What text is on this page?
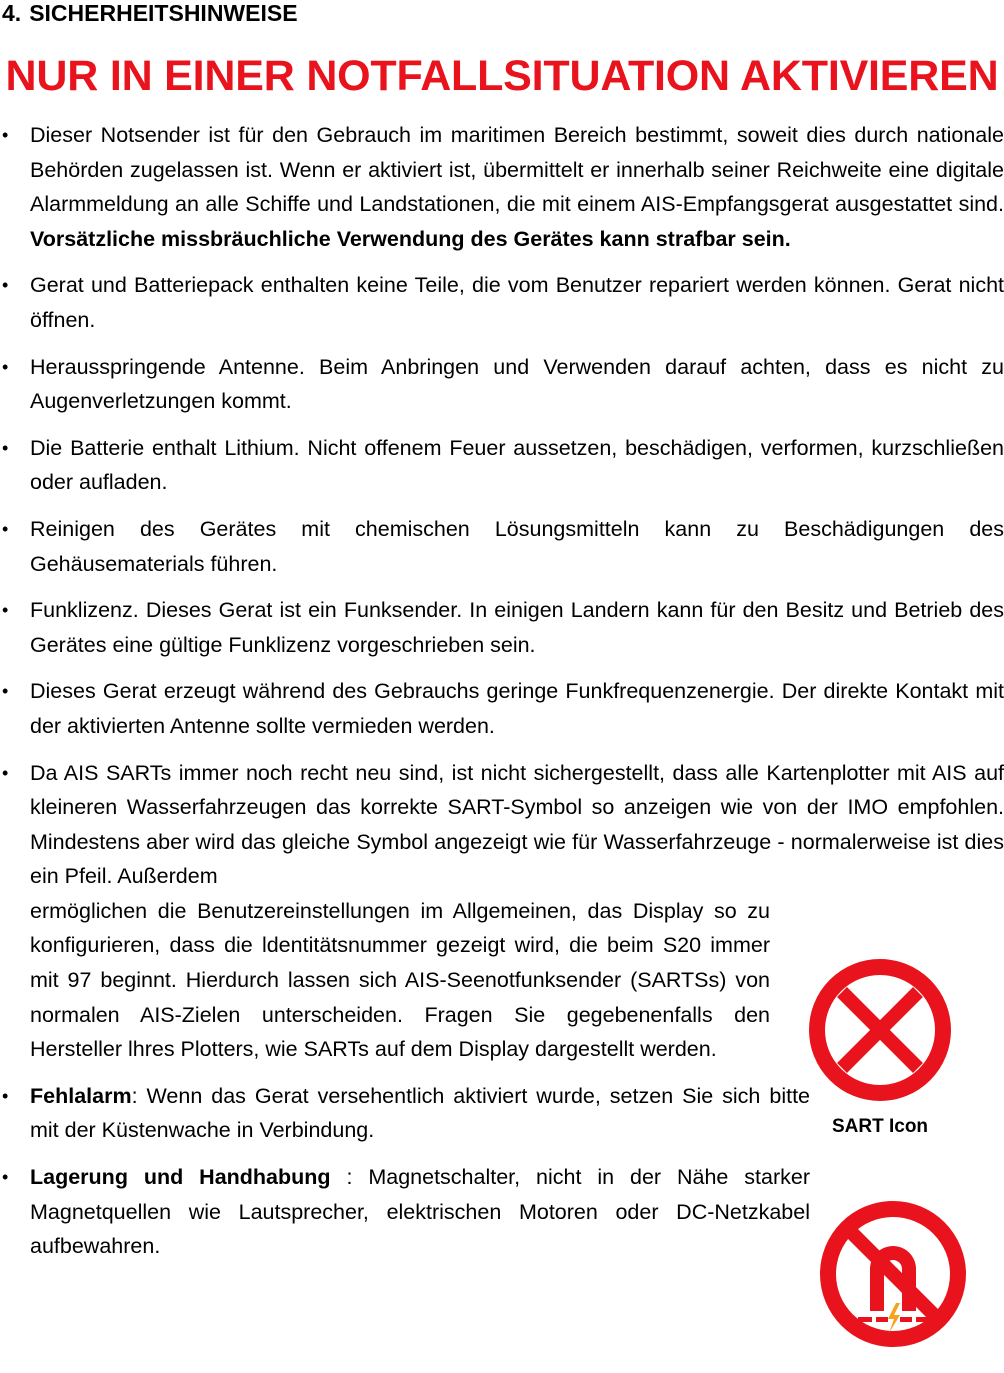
4. SICHERHEITSHINWEISE
NUR IN EINER NOTFALLSITUATION AKTIVIEREN
• Dieser Notsender ist für den Gebrauch im maritimen Bereich bestimmt, soweit dies durch nationale Behörden zugelassen ist. Wenn er aktiviert ist, übermittelt er innerhalb seiner Reichweite eine digitale Alarmmeldung an alle Schiffe und Landstationen, die mit einem AIS-Empfangsgerat ausgestattet sind. Vorsätzliche missbräuchliche Verwendung des Gerätes kann strafbar sein.

• Gerat und Batteriepack enthalten keine Teile, die vom Benutzer repariert werden können. Gerat nicht öffnen.

• Herausspringende Antenne. Beim Anbringen und Verwenden darauf achten, dass es nicht zu Augenverletzungen kommt.

• Die Batterie enthalt Lithium. Nicht offenem Feuer aussetzen, beschädigen, verformen, kurzschließen oder aufladen.

• Reinigen des Gerätes mit chemischen Lösungsmitteln kann zu Beschädigungen des Gehäusematerials führen.

• Funklizenz. Dieses Gerat ist ein Funksender. In einigen Landern kann für den Besitz und Betrieb des Gerätes eine gültige Funklizenz vorgeschrieben sein.

• Dieses Gerat erzeugt während des Gebrauchs geringe Funkfrequenzenergie. Der direkte Kontakt mit der aktivierten Antenne sollte vermieden werden.

• Da AIS SARTs immer noch recht neu sind, ist nicht sichergestellt, dass alle Kartenplotter mit AIS auf kleineren Wasserfahrzeugen das korrekte SART-Symbol so anzeigen wie von der IMO empfohlen. Mindestens aber wird das gleiche Symbol angezeigt wie für Wasserfahrzeuge - normalerweise ist dies ein Pfeil. Außerdem

ermöglichen die Benutzereinstellungen im Allgemeinen, das Display so zu konfigurieren, dass die ldentitätsnummer gezeigt wird, die beim S20 immer mit 97 beginnt. Hierdurch lassen sich AIS-Seenotfunksender (SARTSs) von normalen AIS-Zielen unterscheiden. Fragen Sie gegebenenfalls den Hersteller lhres Plotters, wie SARTs auf dem Display dargestellt werden.

• Fehlalarm: Wenn das Gerat versehentlich aktiviert wurde, setzen Sie sich bitte mit der Küstenwache in Verbindung.

• Lagerung und Handhabung : Magnetschalter, nicht in der Nähe starker Magnetquellen wie Lautsprecher, elektrischen Motoren oder DC-Netzkabel aufbewahren.

SART Icon
